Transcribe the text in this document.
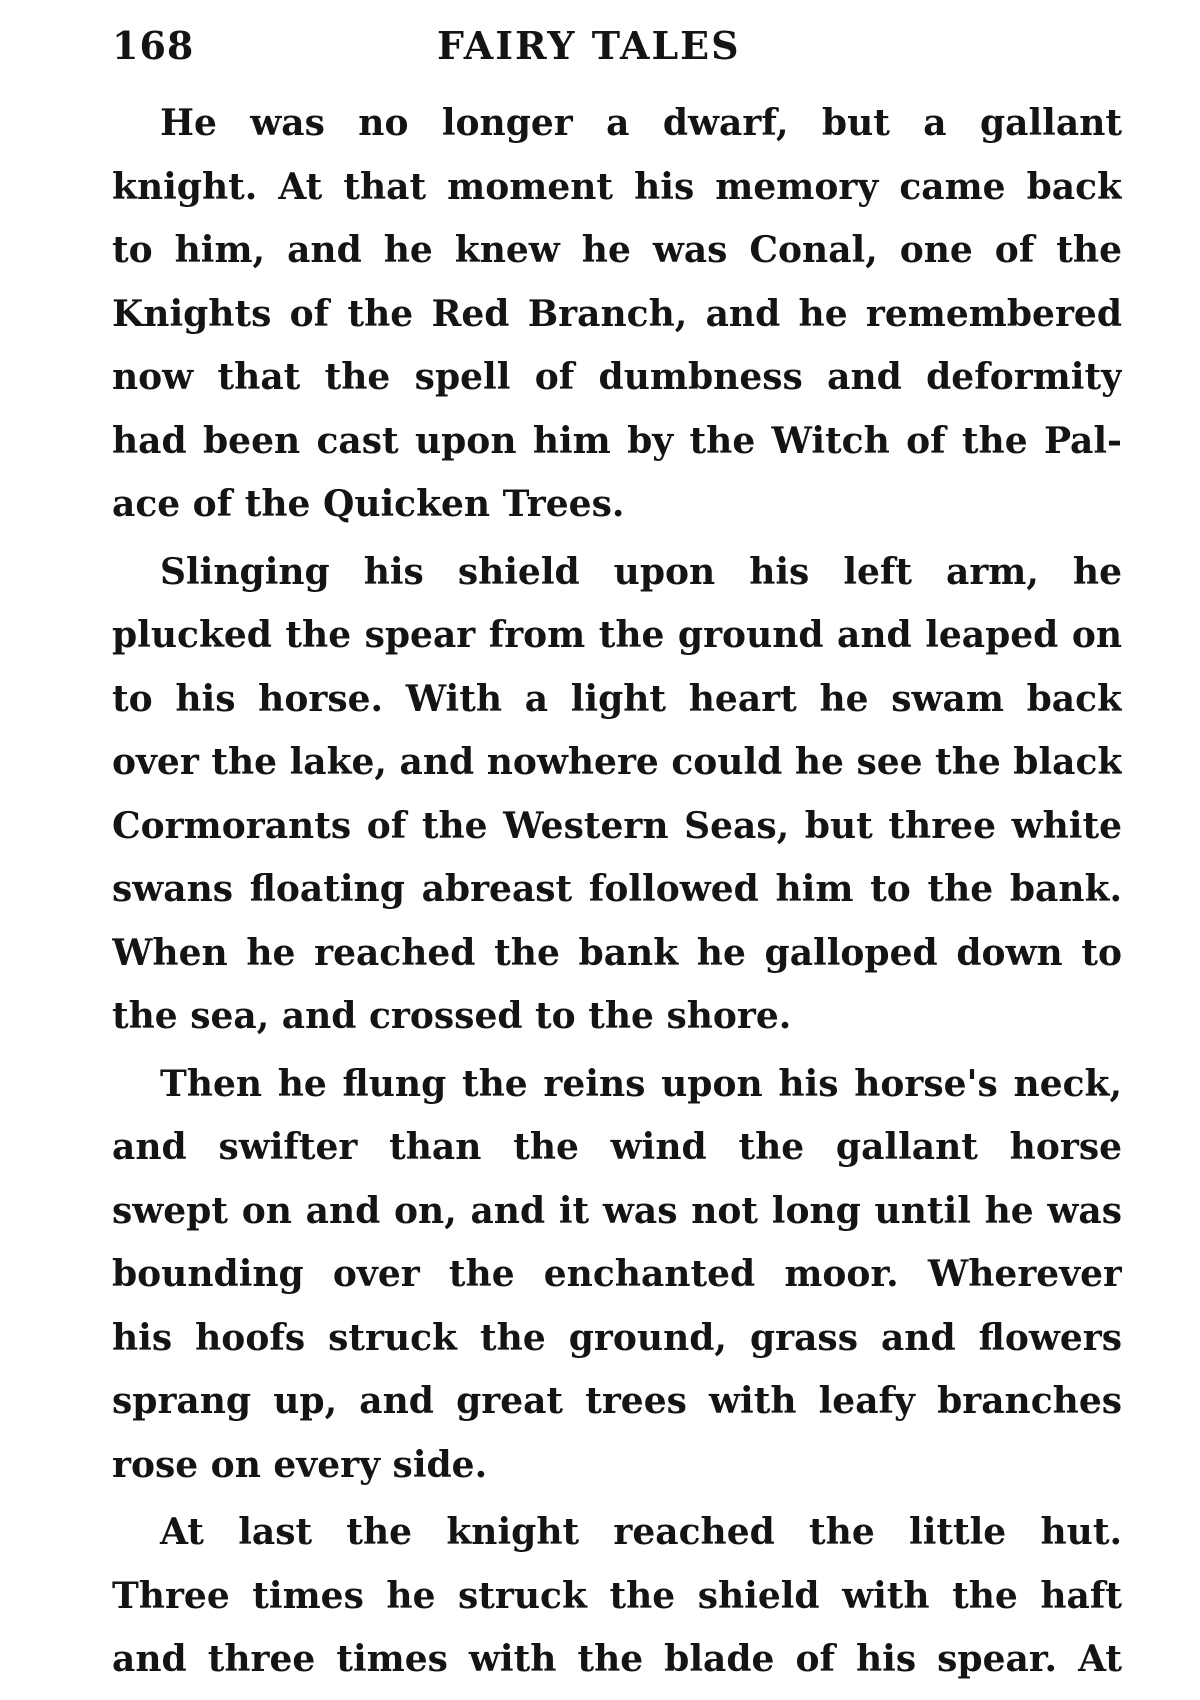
168	FAIRY TALES

He was no longer a dwarf, but a gallant
knight. At that moment his memory came back
to him, and he knew he was Conal, one of the
Knights of the Red Branch, and he remembered
now that the spell of dumbness and deformity
had been cast upon him by the Witch of the Pal-
ace of the Quicken Trees.

Slinging his shield upon his left arm, he
plucked the spear from the ground and leaped on
to his horse. With a light heart he swam back
over the lake, and nowhere could he see the black
Cormorants of the Western Seas, but three white
swans floating abreast followed him to the bank.
When he reached the bank he galloped down to
the sea, and crossed to the shore.

Then he flung the reins upon his horse's neck,
and swifter than the wind the gallant horse
swept on and on, and it was not long until he was
bounding over the enchanted moor. Wherever
his hoofs struck the ground, grass and flowers
sprang up, and great trees with leafy branches
rose on every side.

At last the knight reached the little hut.
Three times he struck the shield with the haft
and three times with the blade of his spear. At
